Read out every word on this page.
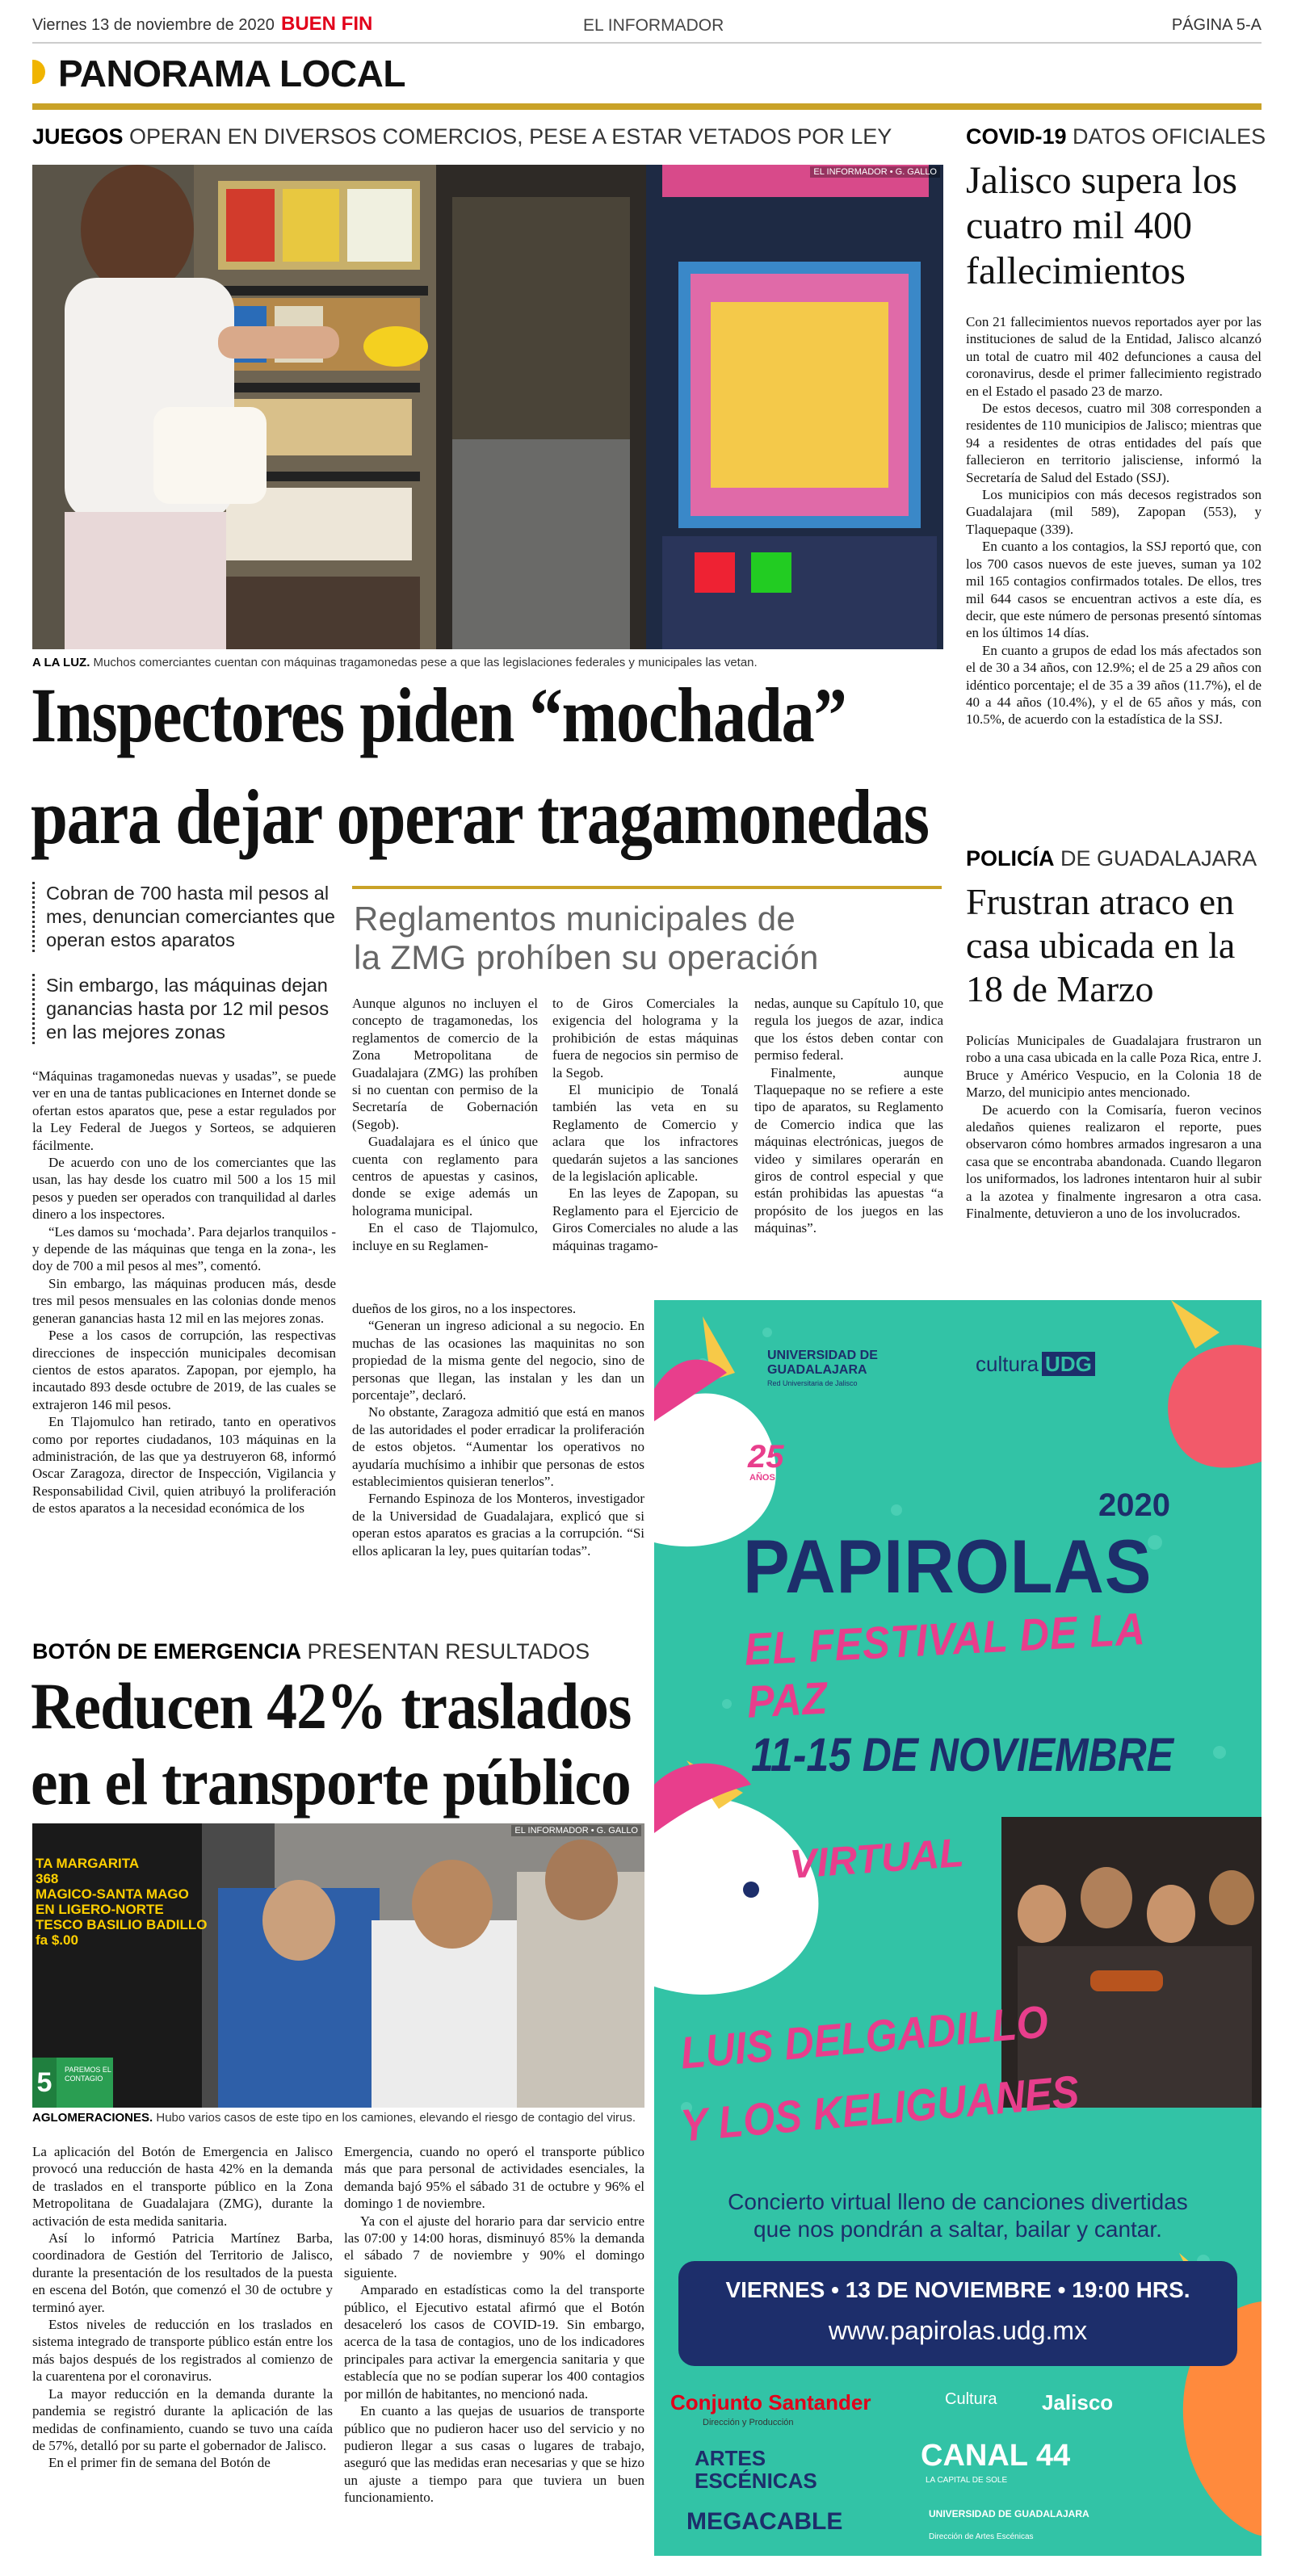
Viernes 13 de noviembre de 2020 BUEN FIN	EL INFORMADOR	PÁGINA 5-A
PANORAMA LOCAL
JUEGOS OPERAN EN DIVERSOS COMERCIOS, PESE A ESTAR VETADOS POR LEY
EL INFORMADOR • G. GALLO
A LA LUZ. Muchos comerciantes cuentan con máquinas tragamonedas pese a que las legislaciones federales y municipales las vetan.
Inspectores piden “mochada”
para dejar operar tragamonedas
Cobran de 700 hasta mil pesos al mes, denuncian comerciantes que operan estos aparatos
Sin embargo, las máquinas dejan ganancias hasta por 12 mil pesos en las mejores zonas
Reglamentos municipales de
la ZMG prohíben su operación

“Máquinas tragamonedas nuevas y usadas”, se puede ver en una de tantas publicaciones en Internet donde se ofertan estos aparatos que, pese a estar regulados por la Ley Federal de Juegos y Sorteos, se adquieren fácilmente.

De acuerdo con uno de los comerciantes que las usan, las hay desde los cuatro mil 500 a los 15 mil pesos y pueden ser operados con tranquilidad al darles dinero a los inspectores.

“Les damos su ‘mochada’. Para dejarlos tranquilos -y depende de las máquinas que tenga en la zona-, les doy de 700 a mil pesos al mes”, comentó.

Sin embargo, las máquinas producen más, desde tres mil pesos mensuales en las colonias donde menos generan ganancias hasta 12 mil en las mejores zonas.

Pese a los casos de corrupción, las respectivas direcciones de inspección municipales decomisan cientos de estos aparatos. Zapopan, por ejemplo, ha incautado 893 desde octubre de 2019, de las cuales se extrajeron 146 mil pesos.

En Tlajomulco han retirado, tanto en operativos como por reportes ciudadanos, 103 máquinas en la administración, de las que ya destruyeron 68, informó Oscar Zaragoza, director de Inspección, Vigilancia y Responsabilidad Civil, quien atribuyó la proliferación de estos aparatos a la necesidad económica de los

Aunque algunos no incluyen el concepto de tragamonedas, los reglamentos de comercio de la Zona Metropolitana de Guadalajara (ZMG) las prohíben si no cuentan con permiso de la Secretaría de Gobernación (Segob).

Guadalajara es el único que cuenta con reglamento para centros de apuestas y casinos, donde se exige además un holograma municipal.

En el caso de Tlajomulco, incluye en su Reglamen-

to de Giros Comerciales la exigencia del holograma y la prohibición de estas máquinas fuera de negocios sin permiso de la Segob.

El municipio de Tonalá también las veta en su Reglamento de Comercio y aclara que los infractores quedarán sujetos a las sanciones de la legislación aplicable.

En las leyes de Zapopan, su Reglamento para el Ejercicio de Giros Comerciales no alude a las máquinas tragamo-

nedas, aunque su Capítulo 10, que regula los juegos de azar, indica que los éstos deben contar con permiso federal.

Finalmente, aunque Tlaquepaque no se refiere a este tipo de aparatos, su Reglamento de Comercio indica que las máquinas electrónicas, juegos de video y similares operarán en giros de control especial y que están prohibidas las apuestas “a propósito de los juegos en las máquinas”.

dueños de los giros, no a los inspectores.

“Generan un ingreso adicional a su negocio. En muchas de las ocasiones las maquinitas no son propiedad de la misma gente del negocio, sino de personas que llegan, las instalan y les dan un porcentaje”, declaró.

No obstante, Zaragoza admitió que está en manos de las autoridades el poder erradicar la proliferación de estos objetos. “Aumentar los operativos no ayudaría muchísimo a inhibir que personas de estos establecimientos quisieran tenerlos”.

Fernando Espinoza de los Monteros, investigador de la Universidad de Guadalajara, explicó que si operan estos aparatos es gracias a la corrupción. “Si ellos aplicaran la ley, pues quitarían todas”.

COVID-19 DATOS OFICIALES
Jalisco supera los cuatro mil 400 fallecimientos

Con 21 fallecimientos nuevos reportados ayer por las instituciones de salud de la Entidad, Jalisco alcanzó un total de cuatro mil 402 defunciones a causa del coronavirus, desde el primer fallecimiento registrado en el Estado el pasado 23 de marzo.

De estos decesos, cuatro mil 308 corresponden a residentes de 110 municipios de Jalisco; mientras que 94 a residentes de otras entidades del país que fallecieron en territorio jalisciense, informó la Secretaría de Salud del Estado (SSJ).

Los municipios con más decesos registrados son Guadalajara (mil 589), Zapopan (553), y Tlaquepaque (339).

En cuanto a los contagios, la SSJ reportó que, con los 700 casos nuevos de este jueves, suman ya 102 mil 165 contagios confirmados totales. De ellos, tres mil 644 casos se encuentran activos a este día, es decir, que este número de personas presentó síntomas en los últimos 14 días.

En cuanto a grupos de edad los más afectados son el de 30 a 34 años, con 12.9%; el de 25 a 29 años con idéntico porcentaje; el de 35 a 39 años (11.7%), el de 40 a 44 años (10.4%), y el de 65 años y más, con 10.5%, de acuerdo con la estadística de la SSJ.

POLICÍA DE GUADALAJARA
Frustran atraco en casa ubicada en la 18 de Marzo

Policías Municipales de Guadalajara frustraron un robo a una casa ubicada en la calle Poza Rica, entre J. Bruce y Américo Vespucio, en la Colonia 18 de Marzo, del municipio antes mencionado.

De acuerdo con la Comisaría, fueron vecinos aledaños quienes realizaron el reporte, pues observaron cómo hombres armados ingresaron a una casa que se encontraba abandonada. Cuando llegaron los uniformados, los ladrones intentaron huir al subir a la azotea y finalmente ingresaron a otra casa. Finalmente, detuvieron a uno de los involucrados.

BOTÓN DE EMERGENCIA PRESENTAN RESULTADOS
Reducen 42% traslados
en el transporte público
TA MARGARITA
368
MAGICO-SANTA MAGO
EN LIGERO-NORTE
TESCO BASILIO BADILLO
fa $.00
5	PAREMOS EL CONTAGIO
EL INFORMADOR • G. GALLO
AGLOMERACIONES. Hubo varios casos de este tipo en los camiones, elevando el riesgo de contagio del virus.

La aplicación del Botón de Emergencia en Jalisco provocó una reducción de hasta 42% en la demanda de traslados en el transporte público en la Zona Metropolitana de Guadalajara (ZMG), durante la activación de esta medida sanitaria.

Así lo informó Patricia Martínez Barba, coordinadora de Gestión del Territorio de Jalisco, durante la presentación de los resultados de la puesta en escena del Botón, que comenzó el 30 de octubre y terminó ayer.

Estos niveles de reducción en los traslados en sistema integrado de transporte público están entre los más bajos después de los registrados al comienzo de la cuarentena por el coronavirus.

La mayor reducción en la demanda durante la pandemia se registró durante la aplicación de las medidas de confinamiento, cuando se tuvo una caída de 57%, detalló por su parte el gobernador de Jalisco.

En el primer fin de semana del Botón de

Emergencia, cuando no operó el transporte público más que para personal de actividades esenciales, la demanda bajó 95% el sábado 31 de octubre y 96% el domingo 1 de noviembre.

Ya con el ajuste del horario para dar servicio entre las 07:00 y 14:00 horas, disminuyó 85% la demanda el sábado 7 de noviembre y 90% el domingo siguiente.

Amparado en estadísticas como la del transporte público, el Ejecutivo estatal afirmó que el Botón desaceleró los casos de COVID-19. Sin embargo, acerca de la tasa de contagios, uno de los indicadores principales para activar la emergencia sanitaria y que establecía que no se podían superar los 400 contagios por millón de habitantes, no mencionó nada.

En cuanto a las quejas de usuarios de transporte público que no pudieron hacer uso del servicio y no pudieron llegar a sus casas o lugares de trabajo, aseguró que las medidas eran necesarias y que se hizo un ajuste a tiempo para que tuviera un buen funcionamiento.

UNIVERSIDAD DE GUADALAJARA
Red Universitaria de Jalisco
cultura UDG
25
AÑOS
2020
PAPIROLAS
EL FESTIVAL DE LA PAZ
11-15 DE NOVIEMBRE
VIRTUAL
LUIS DELGADILLO
Y LOS KELIGUANES
Concierto virtual lleno de canciones divertidas
que nos pondrán a saltar, bailar y cantar.
VIERNES • 13 DE NOVIEMBRE • 19:00 HRS.
www.papirolas.udg.mx
Conjunto Santander
Dirección y Producción
Cultura Jalisco
ARTES ESCÉNICAS
CANAL 44
LA CAPITAL DE SOLE
MEGACABLE	UNIVERSIDAD DE GUADALAJARA
Dirección de Artes Escénicas
